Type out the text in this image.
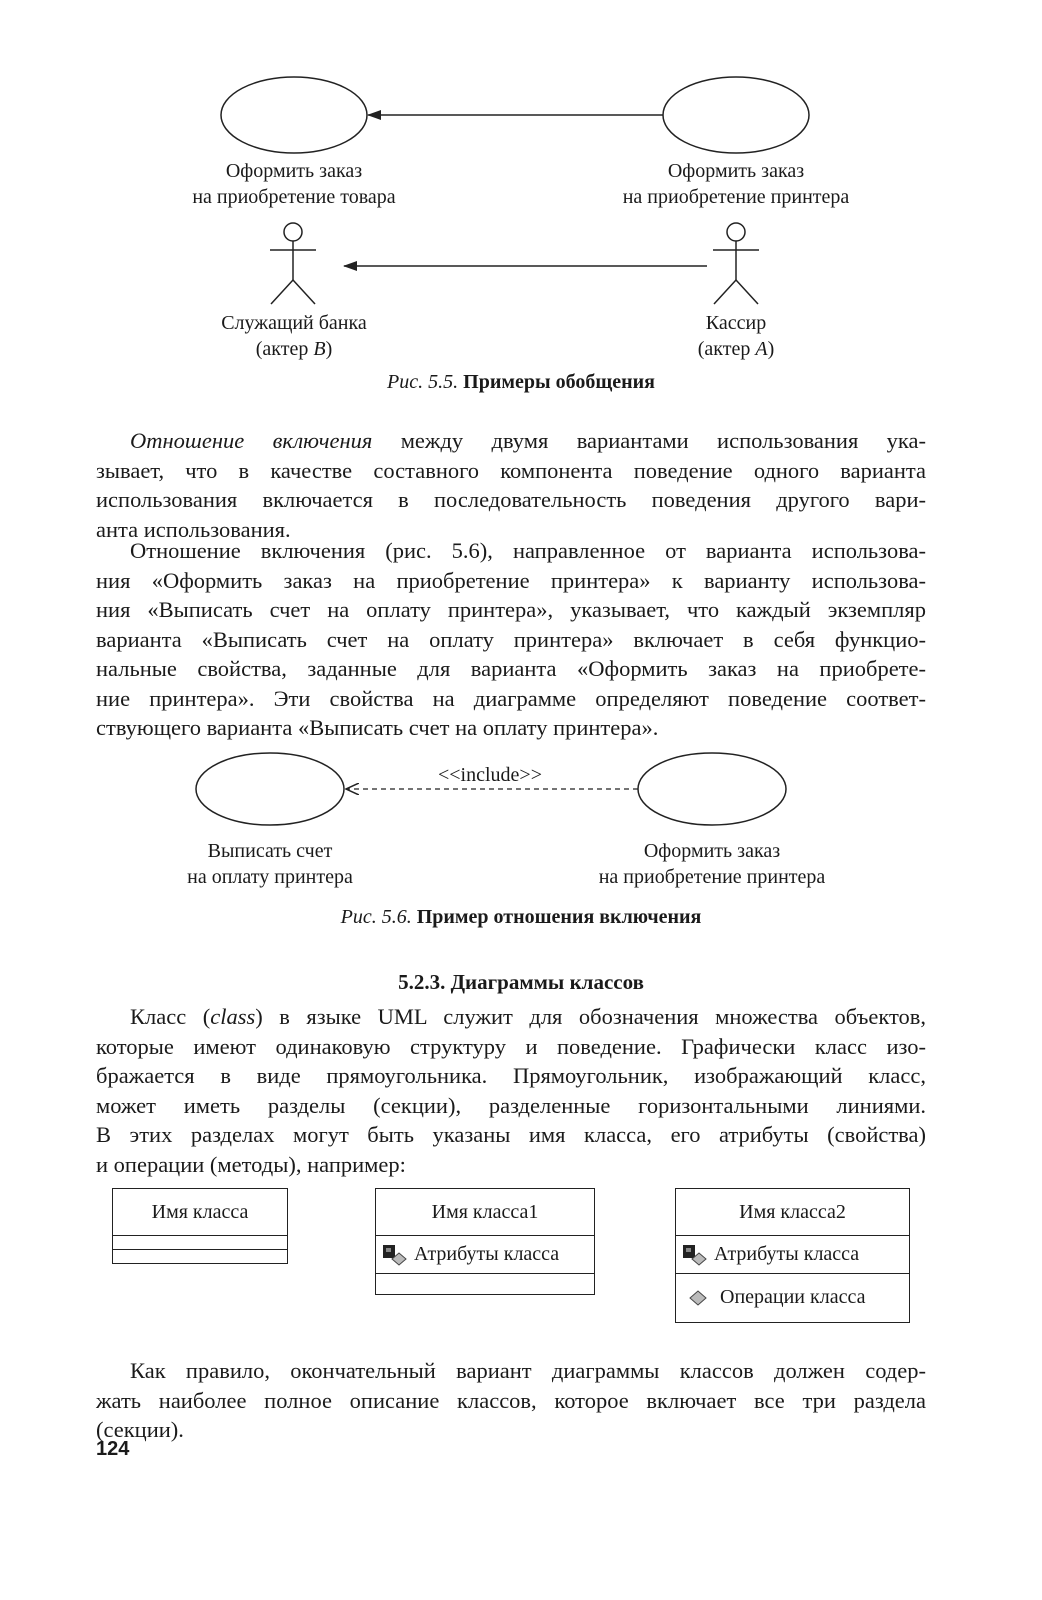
Оформить заказ
на приобретение товара
Оформить заказ
на приобретение принтера
Служащий банка
(актер B)
Кассир
(актер A)
Рис. 5.5. Примеры обобщения
Отношение включения между двумя вариантами использования ука-
зывает, что в качестве составного компонента поведение одного варианта
использования включается в последовательность поведения другого вари-
анта использования.
Отношение включения (рис. 5.6), направленное от варианта использова-
ния «Оформить заказ на приобретение принтера» к варианту использова-
ния «Выписать счет на оплату принтера», указывает, что каждый экземпляр
варианта «Выписать счет на оплату принтера» включает в себя функцио-
нальные свойства, заданные для варианта «Оформить заказ на приобрете-
ние принтера». Эти свойства на диаграмме определяют поведение соответ-
ствующего варианта «Выписать счет на оплату принтера».
<<include>>
Выписать счет
на оплату принтера
Оформить заказ
на приобретение принтера
Рис. 5.6. Пример отношения включения
5.2.3. Диаграммы классов
Класс (class) в языке UML служит для обозначения множества объектов,
которые имеют одинаковую структуру и поведение. Графически класс изо-
бражается в виде прямоугольника. Прямоугольник, изображающий класс,
может иметь разделы (секции), разделенные горизонтальными линиями.
В этих разделах могут быть указаны имя класса, его атрибуты (свойства)
и операции (методы), например:
Имя класса	Имя класса1
Атрибуты класса
Имя класса2
Атрибуты класса
Операции класса
Как правило, окончательный вариант диаграммы классов должен содер-
жать наиболее полное описание классов, которое включает все три раздела
(секции).
124
